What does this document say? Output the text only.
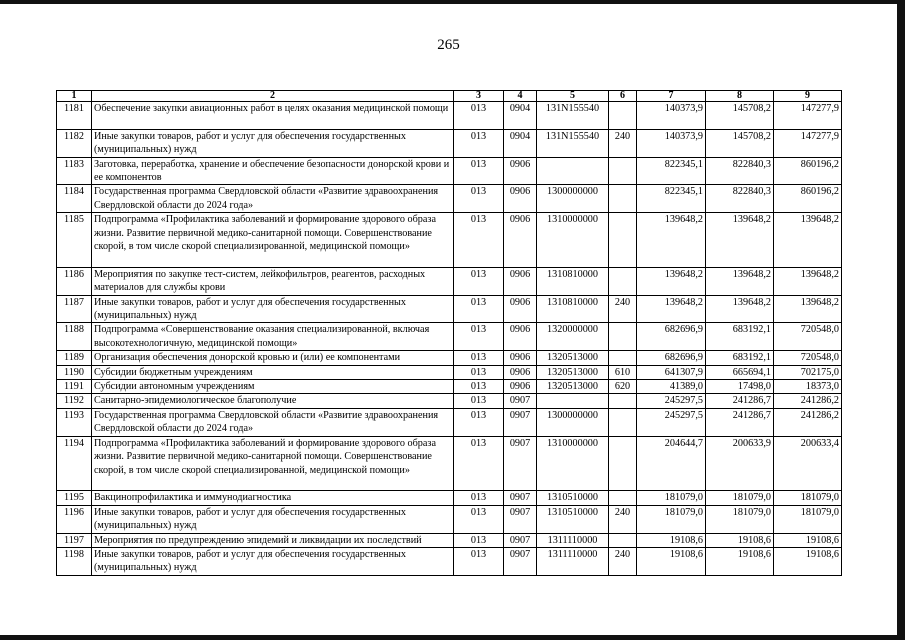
265
1	2	3	4	5	6	7	8	9
1181	Обеспечение закупки авиационных работ в целях оказания медицинской помощи	013	0904	131N155540		140373,9	145708,2	147277,9
1182	Иные закупки товаров, работ и услуг для обеспечения государственных (муниципальных) нужд	013	0904	131N155540	240	140373,9	145708,2	147277,9
1183	Заготовка, переработка, хранение и обеспечение безопасности донорской крови и ее компонентов	013	0906			822345,1	822840,3	860196,2
1184	Государственная программа Свердловской области «Развитие здравоохранения Свердловской области до 2024 года»	013	0906	1300000000		822345,1	822840,3	860196,2
1185	Подпрограмма «Профилактика заболеваний и формирование здорового образа жизни. Развитие первичной медико-санитарной помощи. Совершенствование скорой, в том числе скорой специализированной, медицинской помощи»	013	0906	1310000000		139648,2	139648,2	139648,2
1186	Мероприятия по закупке тест-систем, лейкофильтров, реагентов, расходных материалов для службы крови	013	0906	1310810000		139648,2	139648,2	139648,2
1187	Иные закупки товаров, работ и услуг для обеспечения государственных (муниципальных) нужд	013	0906	1310810000	240	139648,2	139648,2	139648,2
1188	Подпрограмма «Совершенствование оказания специализированной, включая высокотехнологичную, медицинской помощи»	013	0906	1320000000		682696,9	683192,1	720548,0
1189	Организация обеспечения донорской кровью и (или) ее компонентами	013	0906	1320513000		682696,9	683192,1	720548,0
1190	Субсидии бюджетным учреждениям	013	0906	1320513000	610	641307,9	665694,1	702175,0
1191	Субсидии автономным учреждениям	013	0906	1320513000	620	41389,0	17498,0	18373,0
1192	Санитарно-эпидемиологическое благополучие	013	0907			245297,5	241286,7	241286,2
1193	Государственная программа Свердловской области «Развитие здравоохранения Свердловской области до 2024 года»	013	0907	1300000000		245297,5	241286,7	241286,2
1194	Подпрограмма «Профилактика заболеваний и формирование здорового образа жизни. Развитие первичной медико-санитарной помощи. Совершенствование скорой, в том числе скорой специализированной, медицинской помощи»	013	0907	1310000000		204644,7	200633,9	200633,4
1195	Вакцинопрофилактика и иммунодиагностика	013	0907	1310510000		181079,0	181079,0	181079,0
1196	Иные закупки товаров, работ и услуг для обеспечения государственных (муниципальных) нужд	013	0907	1310510000	240	181079,0	181079,0	181079,0
1197	Мероприятия по предупреждению эпидемий и ликвидации их последствий	013	0907	1311110000		19108,6	19108,6	19108,6
1198	Иные закупки товаров, работ и услуг для обеспечения государственных (муниципальных) нужд	013	0907	1311110000	240	19108,6	19108,6	19108,6
